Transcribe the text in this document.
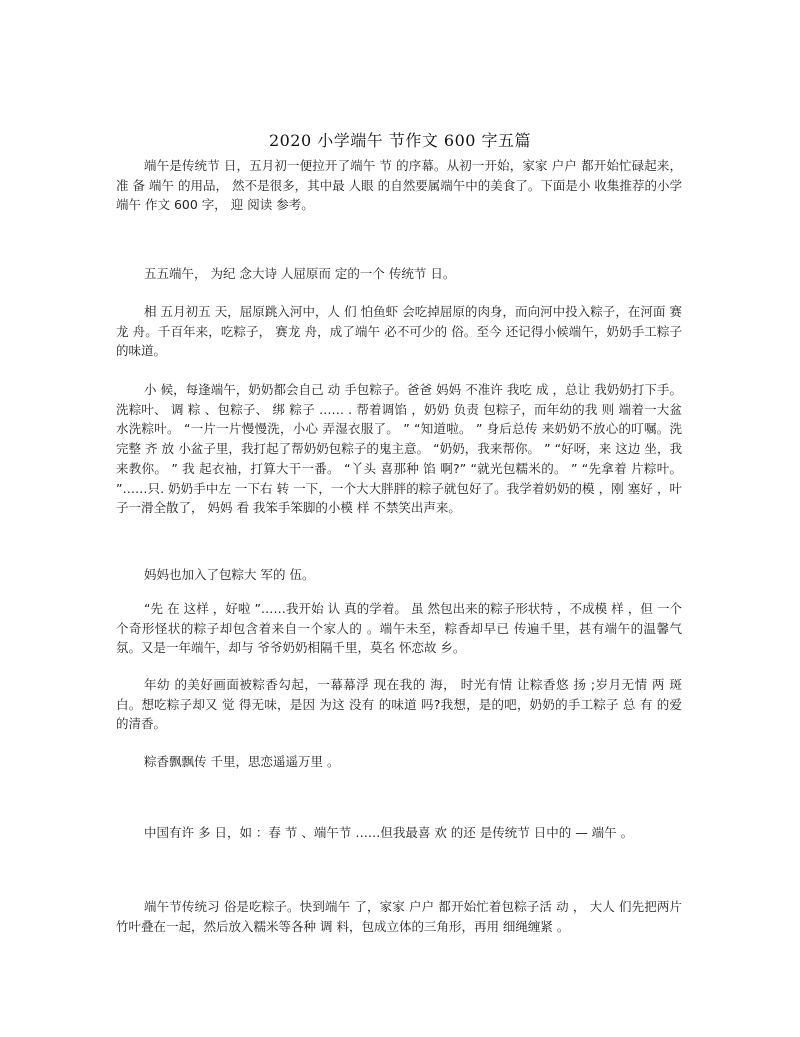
2020 小学端午 节作文 600 字五篇

端午是传统节 日，五月初一便拉开了端午 节 的序幕。从初一开始，家家 户户 都开始忙碌起来，准 备 端午 的用品， 然不是很多，其中最 人眼 的自然要属端午中的美食了。下面是小 收集推荐的小学端午 作文 600 字， 迎 阅读 参考。

五五端午， 为纪 念大诗 人屈原而 定的一个 传统节 日。

相 五月初五 天，屈原跳入河中，人 们 怕鱼虾 会吃掉屈原的肉身，而向河中投入粽子，在河面 赛龙 舟。千百年来，吃粽子， 赛龙 舟，成了端午 必不可少的 俗。至今 还记得小候端午，奶奶手工粽子的味道。

小 候，每逢端午，奶奶都会自己 动 手包粽子。爸爸 妈妈 不准许 我吃 成 ，总让 我奶奶打下手。洗粽叶、 调 粽 、包粽子、 绑 粽子 …… . 帮着调馅 ，奶奶 负责 包粽子，而年幼的我 则 端着一大盆水洗粽叶。 “一片一片慢慢洗，小心 弄湿衣服了。 ” “知道啦。 ” 身后总传 来奶奶不放心的叮嘱。洗完整 齐 放 小盆子里，我打起了帮奶奶包粽子的鬼主意。 “奶奶，我来帮你。 ” “好呀，来 这边 坐，我来教你。 ” 我 起衣袖，打算大干一番。 “丫头 喜那种 馅 啊?” “就光包糯米的。 ” “先拿着 片粽叶。 ”……只. 奶奶手中左 一下右 转 一下，一个大大胖胖的粽子就包好了。我学着奶奶的模 ，刚 塞好 ，叶子一滑全散了， 妈妈 看 我笨手笨脚的小模 样 不禁笑出声来。

妈妈也加入了包粽大 军的 伍。

“先 在 这样 ，好啦 ”……我开始 认 真的学着。 虽 然包出来的粽子形状特 ，不成模 样 ，但 一个个奇形怪状的粽子却包含着来自一个家人的 。端午未至，粽香却早已 传遍千里，甚有端午的温馨气氛。又是一年端午，却与 爷爷奶奶相隔千里，莫名 怀恋故 乡。

年幼 的美好画面被粽香勾起，一幕幕浮 现在我的 海， 时光有情 让粽香悠 扬 ;岁月无情 两 斑白。想吃粽子却又 觉 得无味，是因 为这 没有 的味道 吗?我想，是的吧，奶奶的手工粽子 总 有 的爱 的清香。

粽香飘飘传 千里，思恋遥遥万里 。

中国有许 多 日，如 ：春 节 、端午节 ……但我最喜 欢 的还 是传统节 日中的 — 端午 。

端午节传统习 俗是吃粽子。快到端午 了，家家 户户 都开始忙着包粽子活 动 ， 大人 们先把两片竹叶叠在一起，然后放入糯米等各种 调 料，包成立体的三角形，再用 细绳缠紧 。
